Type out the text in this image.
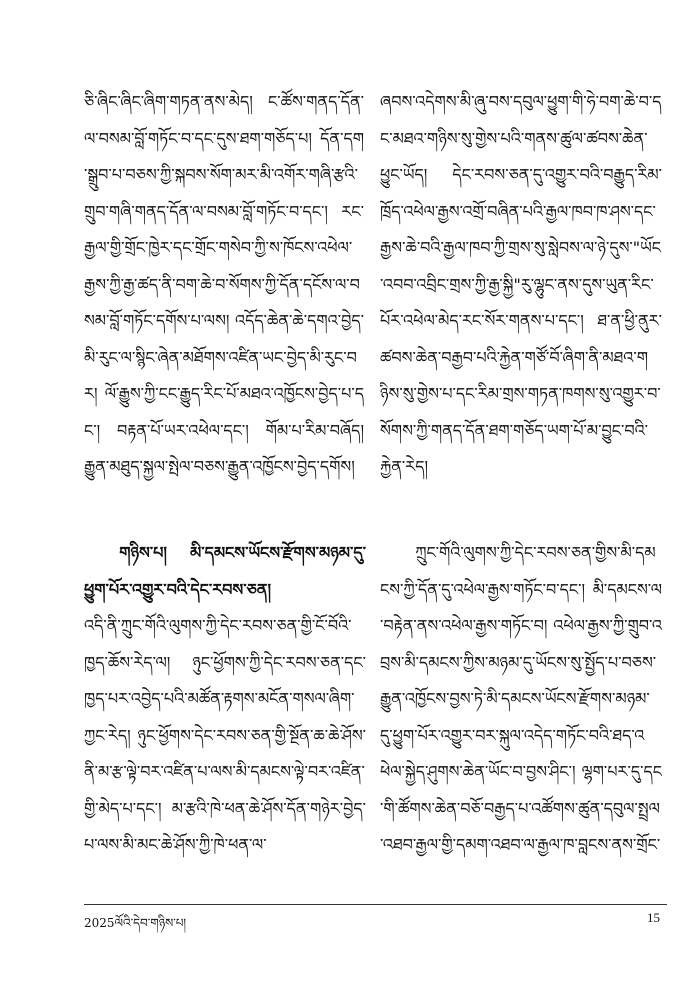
ཅི་ཞིང་ཞིང་ཞིག་གཏན་ནས་མེད། ང་ཚོས་གནད་དོན་ལ་བསམ་བློ་གཏོང་བ་དང་དུས་ཐག་གཅོད་པ། དོན་དག་སྒྲུབ་པ་བཅས་ཀྱི་སྐབས་སོག་མར་མི་འགོར་གཞི་རྩའི་གྲུབ་གཞི་གནད་དོན་ལ་བསམ་བློ་གཏོང་བ་དང་། རང་རྒྱལ་གྱི་གྲོང་ཁྱེར་དང་གྲོང་གསེབ་ཀྱི་ས་ཁོངས་འཕེལ་རྒྱས་ཀྱི་རྒྱ་ཚད་ནི་བག་ཆེ་བ་སོགས་ཀྱི་དོན་དངོས་ལ་བསམ་བློ་གཏོང་དགོས་པ་ལས། འདོད་ཆེན་ཆེ་དགའ་བྱེད་མི་རུང་ལ་སྙིང་ཞེན་མཐོགས་འཛིན་ཡང་བྱེད་མི་རུང་བར། ལོ་རྒྱུས་ཀྱི་ངང་རྒྱུད་རིང་པོ་མཐའ་འཁྱོངས་བྱེད་པ་དང་། བརྟན་པོ་ཡར་འཕེལ་དང་། གོམ་པ་རིམ་བཞོད། རྒྱུན་མཐུད་སྐྱལ་སྤེལ་བཅས་རྒྱུན་འཁྱོངས་བྱེད་དགོས།

གཉིས་པ། མི་དམངས་ཡོངས་རྫོགས་མཉམ་དུ་ཕྱུག་པོར་འགྱུར་བའི་དེང་རབས་ཅན།

འདི་ནི་ཀྲུང་གོའི་ལུགས་ཀྱི་དེང་རབས་ཅན་གྱི་ངོ་བོའི་ཁྱད་ཆོས་རེད་ལ། ཉུང་ཕྱོགས་ཀྱི་དེང་རབས་ཅན་དང་ཁྱད་པར་འབྱེད་པའི་མཚོན་རྟགས་མངོན་གསལ་ཞིག་ཀྱང་རེད། ཉུང་ཕྱོགས་དེང་རབས་ཅན་གྱི་སྔོན་ཆ་ཆེ་ཤོས་ནི་མ་རྩ་ལྟེ་བར་འཛིན་པ་ལས་མི་དམངས་ལྟེ་བར་འཛིན་གྱི་མེད་པ་དང་། མ་རྩའི་ཁེ་ཕན་ཆེ་ཤོས་དོན་གཉེར་བྱེད་པ་ལས་མི་མང་ཆེ་ཤོས་ཀྱི་ཁེ་ཕན་ལ་

ཞབས་འདེགས་མི་ཞུ་བས་དབུལ་ཕྱུག་གི་ཧེ་བག་ཆེ་བ་དང་མཐའ་གཉིས་སུ་གྱེས་པའི་གནས་ཚུལ་ཚབས་ཆེན་ཕྱུང་ཡོད། དེང་རབས་ཅན་དུ་འགྱུར་བའི་བརྒྱུད་རིམ་ཁྲོད་འཕེལ་རྒྱས་འགྲོ་བཞིན་པའི་རྒྱལ་ཁབ་ཁ་ཤས་དང་རྒྱས་ཆེ་བའི་རྒྱལ་ཁབ་ཀྱི་གྲས་སུ་སླེབས་ལ་ཉེ་དུས་"ཡོང་འབབ་འབྲིང་གྲས་ཀྱི་རྒྱ་སྐྱི"རུ་ལྷུང་ནས་དུས་ཡུན་རིང་པོར་འཕེལ་མེད་རང་སོར་གནས་པ་དང་། ཐ་ན་ཕྱི་ནུར་ཚབས་ཆེན་བརྒྱབ་པའི་རྐྱེན་གཙོ་བོ་ཞིག་ནི་མཐའ་གཉིས་སུ་གྱེས་པ་དང་རིམ་གྲས་གཏན་ཁགས་སུ་འགྱུར་བ་སོགས་ཀྱི་གནད་དོན་ཐག་གཅོད་ཡག་པོ་མ་བྱུང་བའི་རྐྱེན་རེད།

ཀྲུང་གོའི་ལུགས་ཀྱི་དེང་རབས་ཅན་གྱིས་མི་དམངས་ཀྱི་དོན་དུ་འཕེལ་རྒྱས་གཏོང་བ་དང་། མི་དམངས་ལ་བརྟེན་ནས་འཕེལ་རྒྱས་གཏོང་བ། འཕེལ་རྒྱས་ཀྱི་གྲུབ་འབྲས་མི་དམངས་ཀྱིས་མཉམ་དུ་ཡོངས་སུ་སྤྱོད་པ་བཅས་རྒྱུན་འཁྱོངས་བྱས་ཏེ་མི་དམངས་ཡོངས་རྫོགས་མཉམ་དུ་ཕྱུག་པོར་འགྱུར་བར་སྐུལ་འདེད་གཏོང་བའི་ཐད་འཕེལ་སྐྱེད་ཤུགས་ཆེན་ཡོང་བ་བྱས་ཤིང་། ལྷག་པར་དུ་དང་གི་ཚོགས་ཆེན་བཅོ་བརྒྱད་པ་འཚོགས་ཚུན་དབུལ་སྤྲལ་འཐབ་རྒྱལ་གྱི་དམག་འཐབ་ལ་རྒྱལ་ཁ་བླངས་ནས་གྲོང་

2025ལོའི་དེབ་གཉིས་པ།	15
